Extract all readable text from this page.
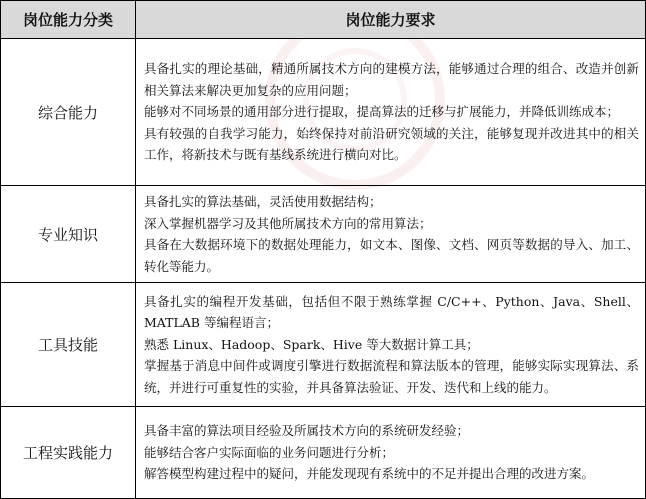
岗位能力分类	岗位能力要求
综合能力	具备扎实的理论基础，精通所属技术方向的建模方法，能够通过合理的组合、改造并创新相关算法来解决更加复杂的应用问题；

能够对不同场景的通用部分进行提取，提高算法的迁移与扩展能力，并降低训练成本；

具有较强的自我学习能力，始终保持对前沿研究领域的关注，能够复现并改进其中的相关工作，将新技术与既有基线系统进行横向对比。

专业知识	具备扎实的算法基础，灵活使用数据结构；

深入掌握机器学习及其他所属技术方向的常用算法；

具备在大数据环境下的数据处理能力，如文本、图像、文档、网页等数据的导入、加工、转化等能力。

工具技能	具备扎实的编程开发基础，包括但不限于熟练掌握 C/C++、Python、Java、Shell、MATLAB 等编程语言；

熟悉 Linux、Hadoop、Spark、Hive 等大数据计算工具；

掌握基于消息中间件或调度引擎进行数据流程和算法版本的管理，能够实际实现算法、系统，并进行可重复性的实验，并具备算法验证、开发、迭代和上线的能力。

工程实践能力	具备丰富的算法项目经验及所属技术方向的系统研发经验；

能够结合客户实际面临的业务问题进行分析；

解答模型构建过程中的疑问，并能发现现有系统中的不足并提出合理的改进方案。
